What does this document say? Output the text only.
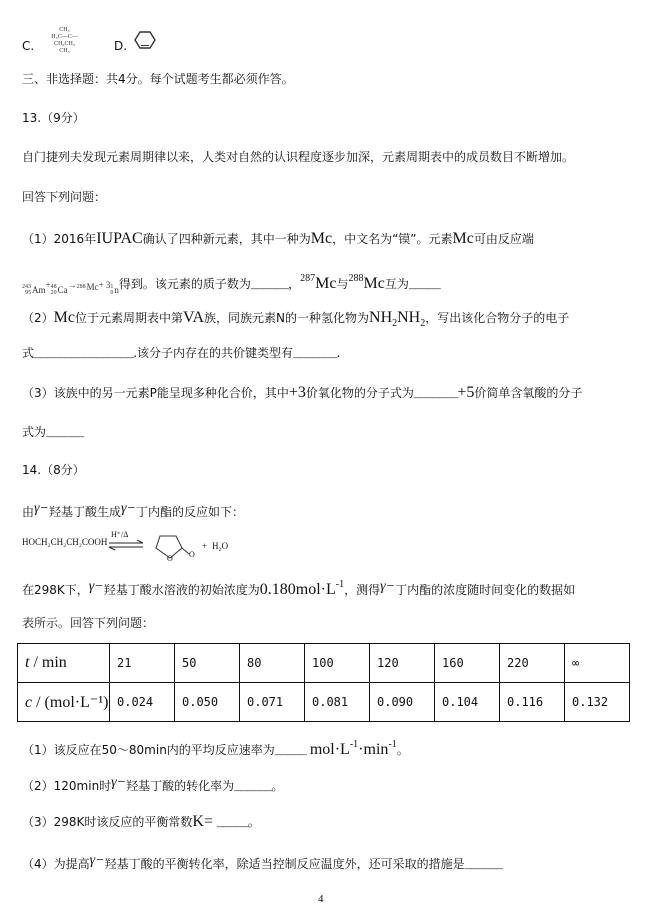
C.
CH₃
H₃C—C—CH₂CH₃
CH₃	D.
三、非选择题：共4分。每个试题考生都必须作答。
13.（9分）
自门捷列夫发现元素周期律以来，人类对自然的认识程度逐步加深，元素周期表中的成员数目不断增加。
回答下列问题：
（1）2016年IUPAC确认了四种新元素，其中一种为Mc，中文名为“镆”。元素Mc可由反应端
243
95 Am + 48
20 Ca → 288 Mc + 3 1
0 n 得到。该元素的质子数为______，$^{287}$Mc与$^{288}$Mc互为_____
（2）Mc位于元素周期表中第VA族，同族元素N的一种氢化物为$NH_2NH_2$，写出该化合物分子的电子
式________________.该分子内存在的共价键类型有_______.
（3）该族中的另一元素P能呈现多种化合价，其中+3价氧化物的分子式为_______+5价简单含氧酸的分子
式为______
14.（8分）
由γ−羟基丁酸生成γ−丁内酯的反应如下：
在298K下，γ−羟基丁酸水溶液的初始浓度为$0.180mol\cdot L^{-1}$，测得γ−丁内酯的浓度随时间变化的数据如
表所示。回答下列问题：
（1）该反应在50～80min内的平均反应速率为_____ $mol\cdot L^{-1}\cdot\min^{-1}$。
（2）120min时γ−羟基丁酸的转化率为______。
（3）298K时该反应的平衡常数K= _____。
（4）为提高γ−羟基丁酸的平衡转化率，除适当控制反应温度外，还可采取的措施是______
HOCH₂CH₂CH₂COOH
H⁺/Δ
O O
+ H₂O
t / min	21	50	80	100	120	160	220	∞
c / (mol·L⁻¹)	0.024	0.050	0.071	0.081	0.090	0.104	0.116	0.132
4
